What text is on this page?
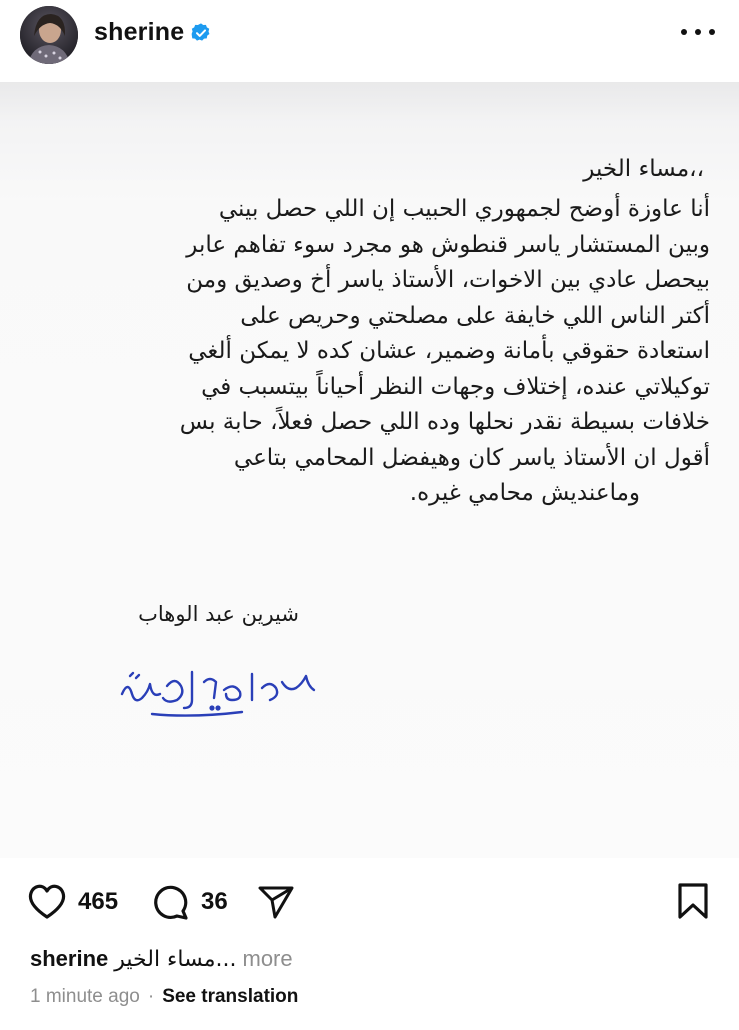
sherine

،،مساء الخير

أنا عاوزة أوضح لجمهوري الحبيب إن اللي حصل بيني
وبين المستشار ياسر قنطوش هو مجرد سوء تفاهم عابر
بيحصل عادي بين الاخوات، الأستاذ ياسر أخ وصديق ومن
أكتر الناس اللي خايفة على مصلحتي وحريص على
استعادة حقوقي بأمانة وضمير، عشان كده لا يمكن ألغي
توكيلاتي عنده، إختلاف وجهات النظر أحياناً بيتسبب في
خلافات بسيطة نقدر نحلها وده اللي حصل فعلاً، حابة بس
أقول ان الأستاذ ياسر كان وهيفضل المحامي بتاعي
وماعنديش محامي غيره.

شيرين عبد الوهاب
465	36
sherine مساء الخير... more
1 minute ago · See translation
